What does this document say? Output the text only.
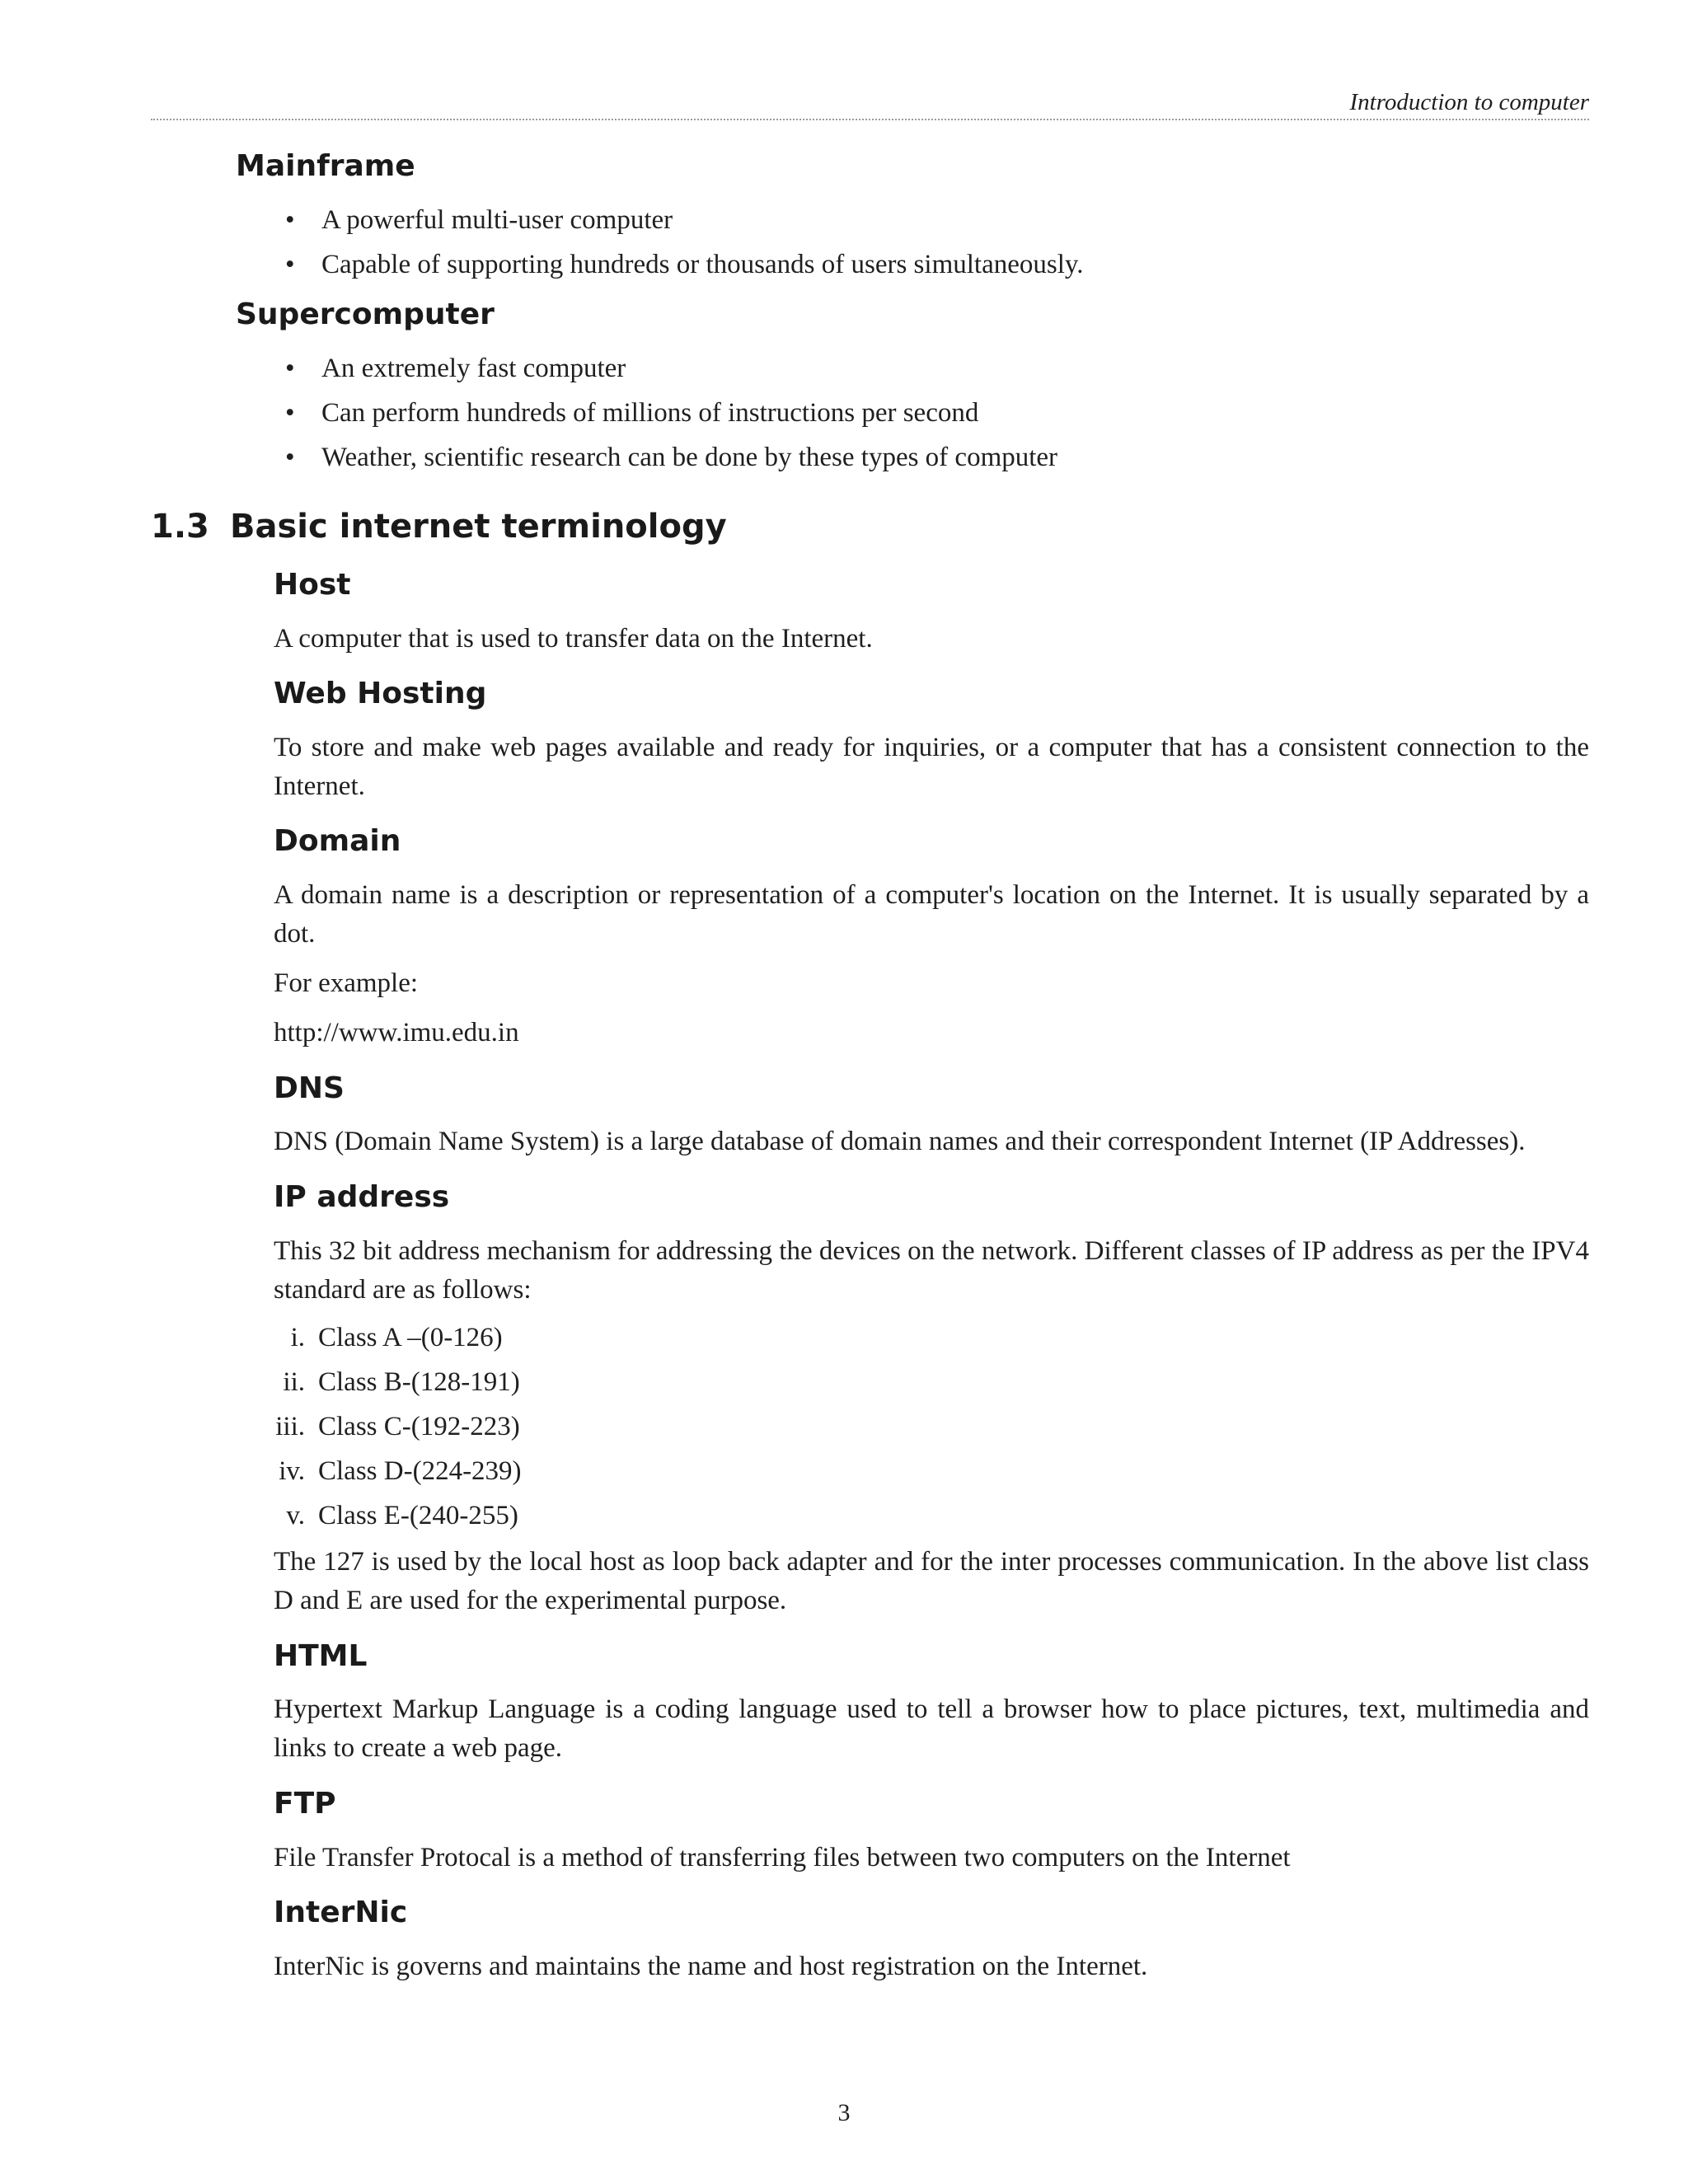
Introduction to computer
Mainframe
• A powerful multi-user computer
• Capable of supporting hundreds or thousands of users simultaneously.
Supercomputer
• An extremely fast computer
• Can perform hundreds of millions of instructions per second
• Weather, scientific research can be done by these types of computer
1.3 Basic internet terminology
Host

A computer that is used to transfer data on the Internet.

Web Hosting

To store and make web pages available and ready for inquiries, or a computer that has a consistent connection to the Internet.

Domain

A domain name is a description or representation of a computer's location on the Internet. It is usually separated by a dot.

For example:

http://www.imu.edu.in

DNS

DNS (Domain Name System) is a large database of domain names and their correspondent Internet (IP Addresses).

IP address

This 32 bit address mechanism for addressing the devices on the network. Different classes of IP address as per the IPV4 standard are as follows:

i. Class A –(0-126)
ii. Class B-(128-191)
iii. Class C-(192-223)
iv. Class D-(224-239)
v. Class E-(240-255)

The 127 is used by the local host as loop back adapter and for the inter processes communication. In the above list class D and E are used for the experimental purpose.

HTML

Hypertext Markup Language is a coding language used to tell a browser how to place pictures, text, multimedia and links to create a web page.

FTP

File Transfer Protocal is a method of transferring files between two computers on the Internet

InterNic

InterNic is governs and maintains the name and host registration on the Internet.

3
